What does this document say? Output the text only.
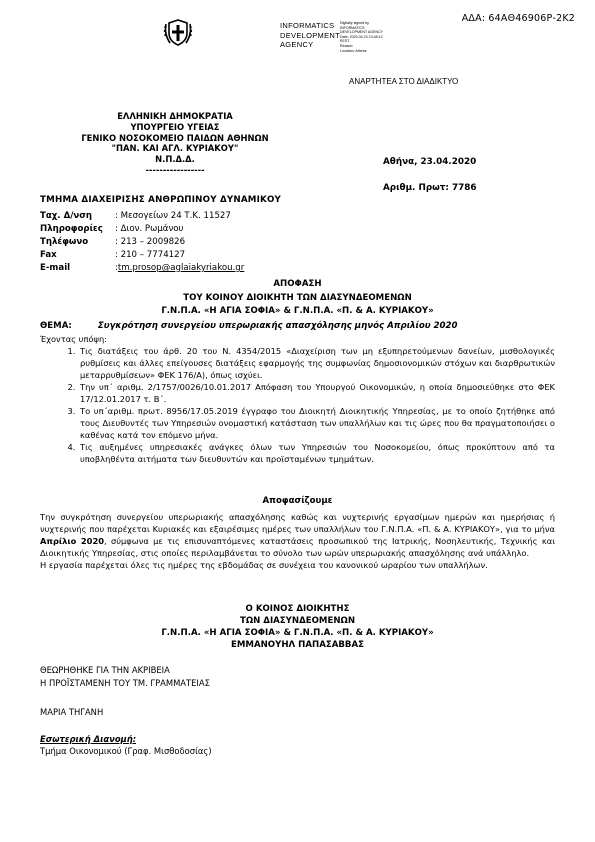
ΑΔΑ: 64ΑΘ46906Ρ-2Κ2
INFORMATICS
DEVELOPMENT
AGENCY
Digitally signed by
INFORMATICS
DEVELOPMENT AGENCY
Date: 2020.04.23 13:48:12
EEST
Reason:
Location: Athens
ΑΝΑΡΤΗΤΕΑ ΣΤΟ ΔΙΑΔΙΚΤΥΟ
ΕΛΛΗΝΙΚΗ ΔΗΜΟΚΡΑΤΙΑ
ΥΠΟΥΡΓΕΙΟ ΥΓΕΙΑΣ
ΓΕΝΙΚΟ ΝΟΣΟΚΟΜΕΙΟ ΠΑΙΔΩΝ ΑΘΗΝΩΝ
"ΠΑΝ. ΚΑΙ ΑΓΛ. ΚΥΡΙΑΚΟΥ"
Ν.Π.Δ.Δ.
-----------------
Αθήνα, 23.04.2020
Αριθμ. Πρωτ: 7786
ΤΜΗΜΑ ΔΙΑΧΕΙΡΙΣΗΣ ΑΝΘΡΩΠΙΝΟΥ ΔΥΝΑΜΙΚΟΥ
Ταχ. Δ/νση	: Μεσογείων 24 Τ.Κ. 11527
Πληροφορίες : Διον. Ρωμάνου
Τηλέφωνο	: 213 – 2009826
Fax	: 210 – 7774127
E-mail	:tm.prosop@aglaiakyriakou.gr
ΑΠΟΦΑΣΗ
ΤΟΥ ΚΟΙΝΟΥ ΔΙΟΙΚΗΤΗ ΤΩΝ ΔΙΑΣΥΝΔΕΟΜΕΝΩΝ
Γ.Ν.Π.Α. «Η ΑΓΙΑ ΣΟΦΙΑ» & Γ.Ν.Π.Α. «Π. & Α. ΚΥΡΙΑΚΟΥ»
ΘΕΜΑ:	Συγκρότηση συνεργείου υπερωριακής απασχόλησης μηνός Απριλίου 2020
Έχοντας υπόψη:
1. Τις διατάξεις του άρθ. 20 του Ν. 4354/2015 «Διαχείριση των μη εξυπηρετούμενων δανείων, μισθολογικές ρυθμίσεις και άλλες επείγουσες διατάξεις εφαρμογής της συμφωνίας δημοσιονομικών στόχων και διαρθρωτικών μεταρρυθμίσεων» ΦΕΚ 176/Α), όπως ισχύει.
2. Την υπ΄ αριθμ. 2/1757/0026/10.01.2017 Απόφαση του Υπουργού Οικονομικών, η οποία δημοσιεύθηκε στο ΦΕΚ 17/12.01.2017 τ. Β΄.
3. Το υπ΄αριθμ. πρωτ. 8956/17.05.2019 έγγραφο του Διοικητή Διοικητικής Υπηρεσίας, με το οποίο ζητήθηκε από τους Διευθυντές των Υπηρεσιών ονομαστική κατάσταση των υπαλλήλων και τις ώρες που θα πραγματοποιήσει ο καθένας κατά τον επόμενο μήνα.
4. Τις αυξημένες υπηρεσιακές ανάγκες όλων των Υπηρεσιών του Νοσοκομείου, όπως προκύπτουν από τα υποβληθέντα αιτήματα των διευθυντών και προϊσταμένων τμημάτων.
Αποφασίζουμε
Την συγκρότηση συνεργείου υπερωριακής απασχόλησης καθώς και νυχτερινής εργασίμων ημερών και ημερήσιας ή νυχτερινής που παρέχεται Κυριακές και εξαιρέσιμες ημέρες των υπαλλήλων του Γ.Ν.Π.Α. «Π. & Α. ΚΥΡΙΑΚΟΥ», για το μήνα Απρίλιο 2020, σύμφωνα με τις επισυναπτόμενες καταστάσεις προσωπικού της Ιατρικής, Νοσηλευτικής, Τεχνικής και Διοικητικής Υπηρεσίας, στις οποίες περιλαμβάνεται το σύνολο των ωρών υπερωριακής απασχόλησης ανά υπάλληλο.
Η εργασία παρέχεται όλες τις ημέρες της εβδομάδας σε συνέχεια του κανονικού ωραρίου των υπαλλήλων.
Ο ΚΟΙΝΟΣ ΔΙΟΙΚΗΤΗΣ
ΤΩΝ ΔΙΑΣΥΝΔΕΟΜΕΝΩΝ
Γ.Ν.Π.Α. «Η ΑΓΙΑ ΣΟΦΙΑ» & Γ.Ν.Π.Α. «Π. & Α. ΚΥΡΙΑΚΟΥ»
ΕΜΜΑΝΟΥΗΛ ΠΑΠΑΣΑΒΒΑΣ
ΘΕΩΡΗΘΗΚΕ ΓΙΑ ΤΗΝ ΑΚΡΙΒΕΙΑ
Η ΠΡΟΪΣΤΑΜΕΝΗ ΤΟΥ ΤΜ. ΓΡΑΜΜΑΤΕΙΑΣ
ΜΑΡΙΑ ΤΗΓΑΝΗ
Εσωτερική Διανομή:
Τμήμα Οικονομικού (Γραφ. Μισθοδοσίας)
